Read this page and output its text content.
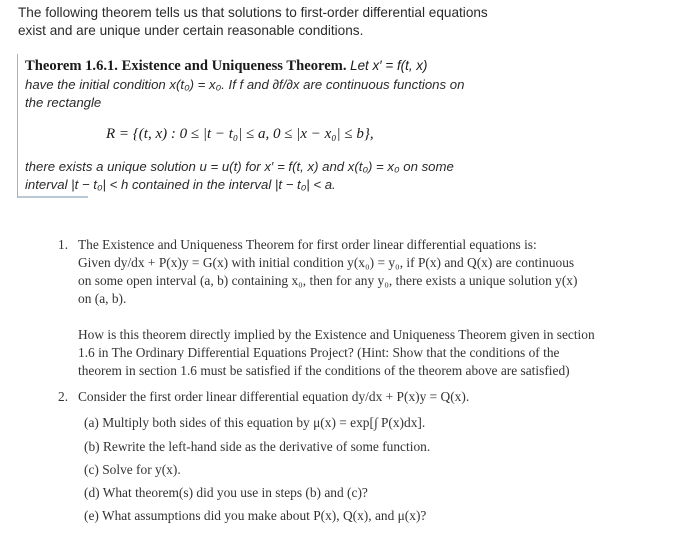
The following theorem tells us that solutions to first-order differential equations
exist and are unique under certain reasonable conditions.
Theorem 1.6.1. Existence and Uniqueness Theorem. Let x′ = f(t, x)
have the initial condition x(t₀) = x₀. If f and ∂f/∂x are continuous functions on
the rectangle
R = {(t, x) : 0 ≤ |t − t₀| ≤ a, 0 ≤ |x − x₀| ≤ b},
there exists a unique solution u = u(t) for x′ = f(t, x) and x(t₀) = x₀ on some
interval |t − t₀| < h contained in the interval |t − t₀| < a.
1. The Existence and Uniqueness Theorem for first order linear differential equations is:
Given dy/dx + P(x)y = G(x) with initial condition y(x₀) = y₀, if P(x) and Q(x) are continuous
on some open interval (a, b) containing x₀, then for any y₀, there exists a unique solution y(x)
on (a, b).
How is this theorem directly implied by the Existence and Uniqueness Theorem given in section
1.6 in The Ordinary Differential Equations Project? (Hint: Show that the conditions of the
theorem in section 1.6 must be satisfied if the conditions of the theorem above are satisfied)
2. Consider the first order linear differential equation dy/dx + P(x)y = Q(x).
(a) Multiply both sides of this equation by μ(x) = exp[∫ P(x)dx].
(b) Rewrite the left-hand side as the derivative of some function.
(c) Solve for y(x).
(d) What theorem(s) did you use in steps (b) and (c)?
(e) What assumptions did you make about P(x), Q(x), and μ(x)?
